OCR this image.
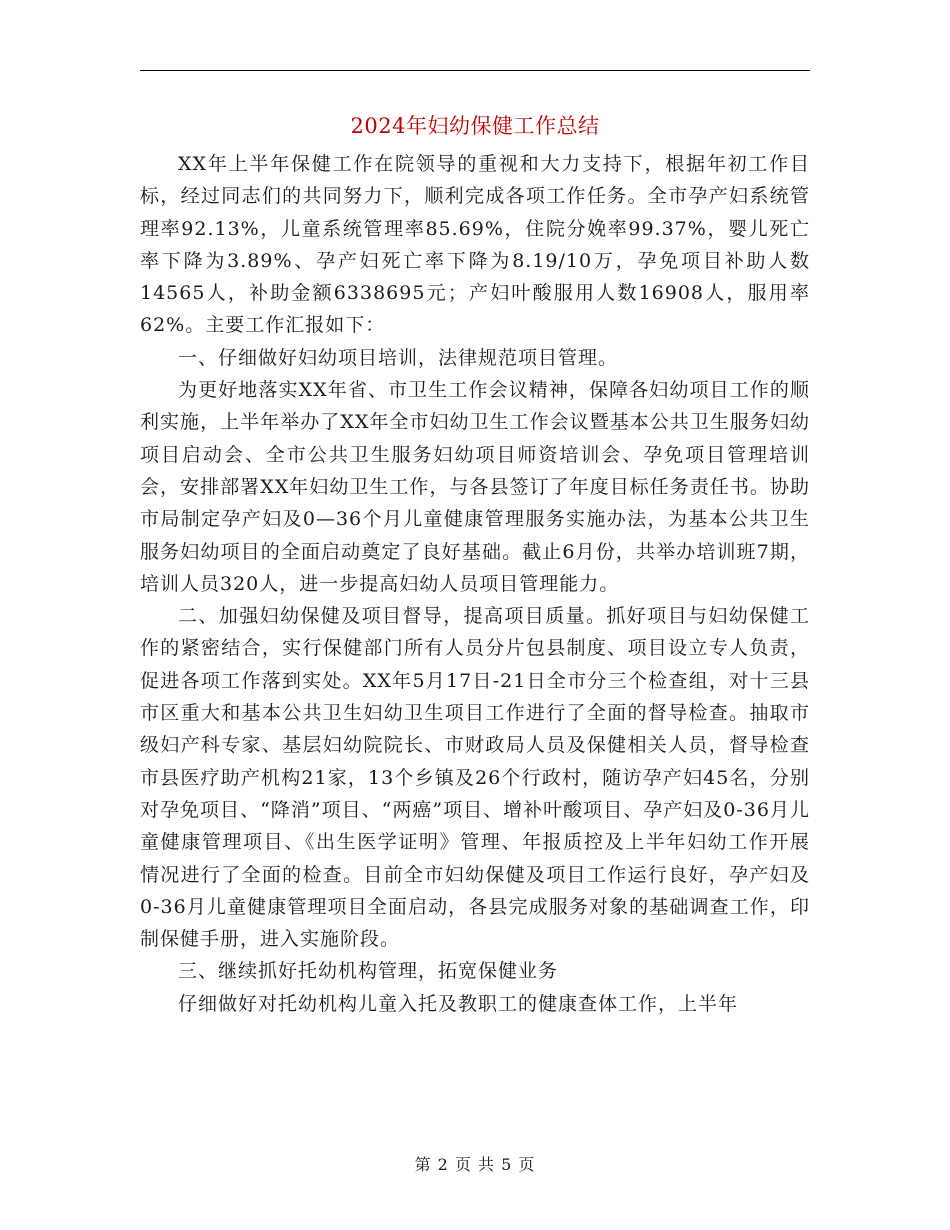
2024年妇幼保健工作总结

XX年上半年保健工作在院领导的重视和大力支持下，根据年初工作目标，经过同志们的共同努力下，顺利完成各项工作任务。全市孕产妇系统管理率92.13%，儿童系统管理率85.69%，住院分娩率99.37%，婴儿死亡率下降为3.89%、孕产妇死亡率下降为8.19/10万，孕免项目补助人数14565人，补助金额6338695元；产妇叶酸服用人数16908人，服用率62%。主要工作汇报如下：

一、仔细做好妇幼项目培训，法律规范项目管理。

为更好地落实XX年省、市卫生工作会议精神，保障各妇幼项目工作的顺利实施，上半年举办了XX年全市妇幼卫生工作会议暨基本公共卫生服务妇幼项目启动会、全市公共卫生服务妇幼项目师资培训会、孕免项目管理培训会，安排部署XX年妇幼卫生工作，与各县签订了年度目标任务责任书。协助市局制定孕产妇及0—36个月儿童健康管理服务实施办法，为基本公共卫生服务妇幼项目的全面启动奠定了良好基础。截止6月份，共举办培训班7期，培训人员320人，进一步提高妇幼人员项目管理能力。

二、加强妇幼保健及项目督导，提高项目质量。抓好项目与妇幼保健工作的紧密结合，实行保健部门所有人员分片包县制度、项目设立专人负责，促进各项工作落到实处。XX年5月17日-21日全市分三个检查组，对十三县市区重大和基本公共卫生妇幼卫生项目工作进行了全面的督导检查。抽取市级妇产科专家、基层妇幼院院长、市财政局人员及保健相关人员，督导检查市县医疗助产机构21家，13个乡镇及26个行政村，随访孕产妇45名，分别对孕免项目、“降消”项目、“两癌”项目、增补叶酸项目、孕产妇及0-36月儿童健康管理项目、《出生医学证明》管理、年报质控及上半年妇幼工作开展情况进行了全面的检查。目前全市妇幼保健及项目工作运行良好，孕产妇及0-36月儿童健康管理项目全面启动，各县完成服务对象的基础调查工作，印制保健手册，进入实施阶段。

三、继续抓好托幼机构管理，拓宽保健业务

仔细做好对托幼机构儿童入托及教职工的健康查体工作，上半年

第 2 页 共 5 页
